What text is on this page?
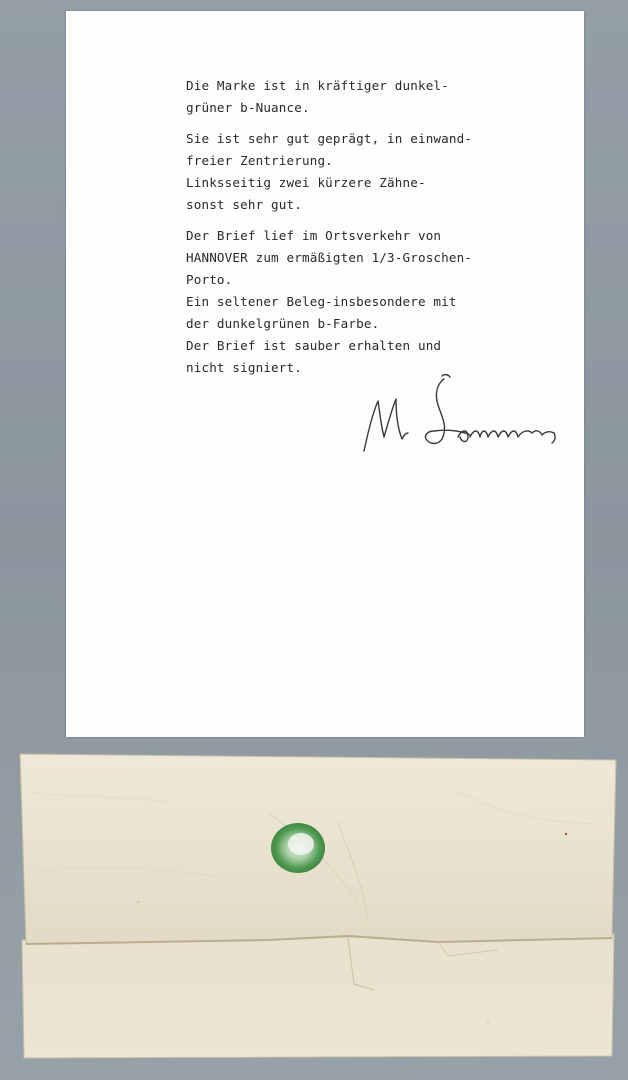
Die Marke ist in kräftiger dunkel-
grüner b-Nuance.
Sie ist sehr gut geprägt, in einwand-
freier Zentrierung.
Linksseitig zwei kürzere Zähne-
sonst sehr gut.
Der Brief lief im Ortsverkehr von
HANNOVER zum ermäßigten 1/3-Groschen-
Porto.
Ein seltener Beleg-insbesondere mit
der dunkelgrünen b-Farbe.
Der Brief ist sauber erhalten und
nicht signiert.
